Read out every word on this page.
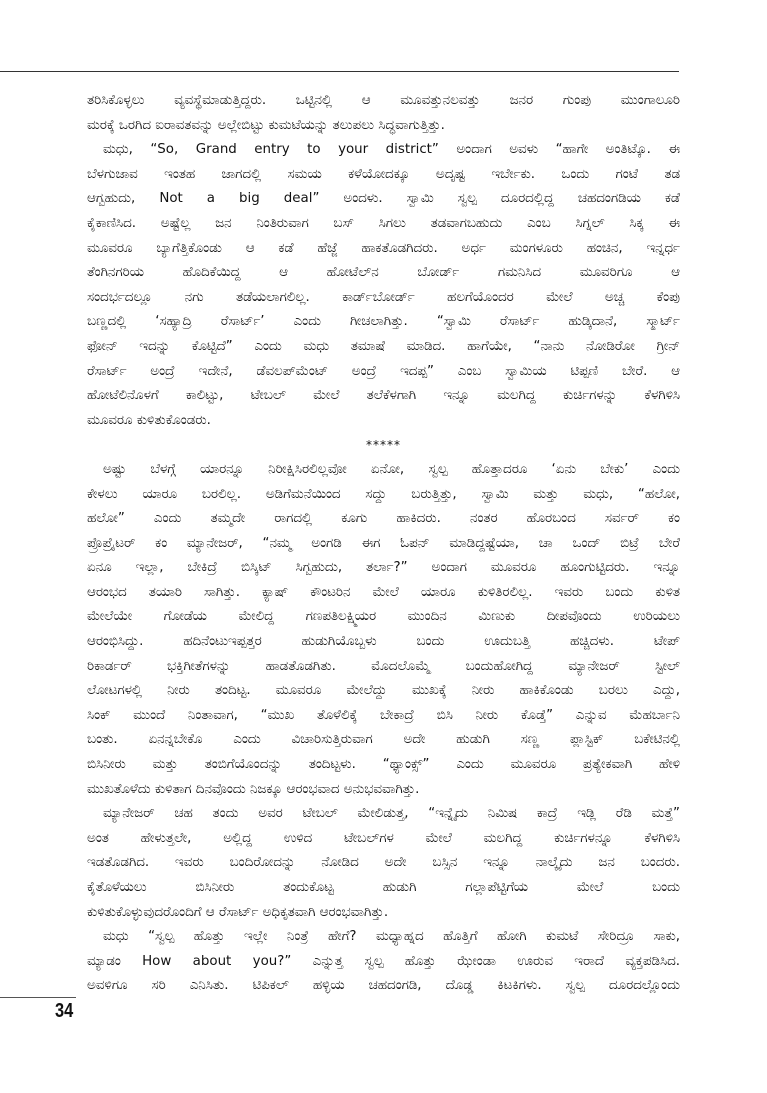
ತರಿಸಿಕೊಳ್ಳಲು ವ್ಯವಸ್ಥೆಮಾಡುತ್ತಿದ್ದರು. ಒಟ್ಟಿನಲ್ಲಿ ಆ ಮೂವತ್ತುನಲವತ್ತು ಜನರ ಗುಂಪು ಮುಂಗಾಲೂರಿ
ಮರಕ್ಕೆ ಒರಗಿದ ಐರಾವತವನ್ನು ಅಲ್ಲೇಬಿಟ್ಟು ಕುಮಟೆಯನ್ನು ತಲುಪಲು ಸಿದ್ಧವಾಗುತ್ತಿತ್ತು.
ಮಧು, “So, Grand entry to your district” ಅಂದಾಗ ಅವಳು “ಹಾಗೇ ಅಂತಿಟ್ಕೊ. ಈ
ಬೆಳಗುಜಾವ ಇಂತಹ ಜಾಗದಲ್ಲಿ ಸಮಯ ಕಳೆಯೋದಕ್ಕೂ ಅದೃಷ್ಟ ಇರ್ಬೇಕು. ಒಂದು ಗಂಟೆ ತಡ
ಆಗ್ಬಹುದು, Not a big deal” ಅಂದಳು. ಸ್ವಾಮಿ ಸ್ವಲ್ಪ ದೂರದಲ್ಲಿದ್ದ ಚಹದಂಗಡಿಯ ಕಡೆ
ಕೈಕಾಣಿಸಿದ. ಅಷ್ಟೆಲ್ಲ ಜನ ನಿಂತಿರುವಾಗ ಬಸ್ ಸಿಗಲು ತಡವಾಗಬಹುದು ಎಂಬ ಸಿಗ್ನಲ್ ಸಿಕ್ಕ ಈ
ಮೂವರೂ ಬ್ಯಾಗೆತ್ತಿಕೊಂಡು ಆ ಕಡೆ ಹೆಜ್ಜೆ ಹಾಕತೊಡಗಿದರು. ಅರ್ಧ ಮಂಗಳೂರು ಹಂಚಿನ, ಇನ್ನರ್ಧ
ತೆಂಗಿನಗರಿಯ ಹೊದಿಕೆಯಿದ್ದ ಆ ಹೋಟೆಲ್‌ನ ಬೋರ್ಡ್ ಗಮನಿಸಿದ ಮೂವರಿಗೂ ಆ
ಸಂದರ್ಭದಲ್ಲೂ ನಗು ತಡೆಯಲಾಗಲಿಲ್ಲ. ಕಾರ್ಡ್‌ಬೋರ್ಡ್ ಹಲಗೆಯೊಂದರ ಮೇಲೆ ಅಚ್ಚ ಕೆಂಪು
ಬಣ್ಣದಲ್ಲಿ ‘ಸಹ್ಯಾದ್ರಿ ರೆಸಾರ್ಟ್’ ಎಂದು ಗೀಚಲಾಗಿತ್ತು. “ಸ್ವಾಮಿ ರೆಸಾರ್ಟ್ ಹುಡ್ಕಿದಾನೆ, ಸ್ಮಾರ್ಟ್
ಫೋನ್ ಇದನ್ನು ಕೊಟ್ಟಿದೆ” ಎಂದು ಮಧು ತಮಾಷೆ ಮಾಡಿದ. ಹಾಗೆಯೇ, “ನಾನು ನೋಡಿರೋ ಗ್ರೀನ್
ರೆಸಾರ್ಟ್ ಅಂದ್ರೆ ಇದೇನೆ, ಡೆವಲಪ್‌ಮೆಂಟ್ ಅಂದ್ರೆ ಇದಪ್ಪ” ಎಂಬ ಸ್ವಾಮಿಯ ಟಿಪ್ಪಣಿ ಬೇರೆ. ಆ
ಹೋಟೆಲಿನೊಳಗೆ ಕಾಲಿಟ್ಟು, ಟೇಬಲ್ ಮೇಲೆ ತಲೆಕೆಳಗಾಗಿ ಇನ್ನೂ ಮಲಗಿದ್ದ ಕುರ್ಚಿಗಳನ್ನು ಕೆಳಗಿಳಿಸಿ
ಮೂವರೂ ಕುಳಿತುಕೊಂಡರು.
*****
ಅಷ್ಟು ಬೆಳಗ್ಗೆ ಯಾರನ್ನೂ ನಿರೀಕ್ಷಿಸಿರಲಿಲ್ಲವೋ ಏನೋ, ಸ್ವಲ್ಪ ಹೊತ್ತಾದರೂ ‘ಏನು ಬೇಕು’ ಎಂದು
ಕೇಳಲು ಯಾರೂ ಬರಲಿಲ್ಲ. ಅಡಿಗೆಮನೆಯಿಂದ ಸದ್ದು ಬರುತ್ತಿತ್ತು, ಸ್ವಾಮಿ ಮತ್ತು ಮಧು, “ಹಲೋ,
ಹಲೋ” ಎಂದು ತಮ್ಮದೇ ರಾಗದಲ್ಲಿ ಕೂಗು ಹಾಕಿದರು. ನಂತರ ಹೊರಬಂದ ಸರ್ವರ್ ಕಂ
ಪ್ರೊಪ್ರೈಟರ್ ಕಂ ಮ್ಯಾನೇಜರ್, “ನಮ್ಮ ಅಂಗಡಿ ಈಗ ಓಪನ್ ಮಾಡಿದ್ದಷ್ಟೆಯಾ, ಚಾ ಒಂದ್ ಬಿಟ್ರೆ ಬೇರೆ
ಏನೂ ಇಲ್ಲಾ, ಬೇಕಿದ್ರೆ ಬಿಸ್ಕಿಟ್ ಸಿಗ್ಬಹುದು, ತರ್ಲಾ?” ಅಂದಾಗ ಮೂವರೂ ಹೂಂಗುಟ್ಟಿದರು. ಇನ್ನೂ
ಆರಂಭದ ತಯಾರಿ ಸಾಗಿತ್ತು. ಕ್ಯಾಷ್ ಕೌಂಟರಿನ ಮೇಲೆ ಯಾರೂ ಕುಳಿತಿರಲಿಲ್ಲ. ಇವರು ಬಂದು ಕುಳಿತ
ಮೇಲೆಯೇ ಗೋಡೆಯ ಮೇಲಿದ್ದ ಗಣಪತಿಲಕ್ಷ್ಮಿಯರ ಮುಂದಿನ ಮಿಣುಕು ದೀಪವೊಂದು ಉರಿಯಲು
ಆರಂಭಿಸಿದ್ದು. ಹದಿನೆಂಟುಇಪ್ಪತ್ತರ ಹುಡುಗಿಯೊಬ್ಬಳು ಬಂದು ಊದುಬತ್ತಿ ಹಚ್ಚಿದಳು. ಟೇಪ್
ರಿಕಾರ್ಡರ್ ಭಕ್ತಿಗೀತೆಗಳನ್ನು ಹಾಡತೊಡಗಿತು. ಮೊದಲೊಮ್ಮೆ ಬಂದುಹೋಗಿದ್ದ ಮ್ಯಾನೇಜರ್ ಸ್ಟೀಲ್
ಲೋಟಗಳಲ್ಲಿ ನೀರು ತಂದಿಟ್ಟ. ಮೂವರೂ ಮೇಲೆದ್ದು ಮುಖಕ್ಕೆ ನೀರು ಹಾಕಿಕೊಂಡು ಬರಲು ಎದ್ದು,
ಸಿಂಕ್ ಮುಂದೆ ನಿಂತಾವಾಗ, “ಮುಖ ತೊಳೆಲಿಕ್ಕೆ ಬೇಕಾದ್ರೆ ಬಿಸಿ ನೀರು ಕೊಡ್ತೆ” ಎನ್ನುವ ಮೆಹರ್ಬಾನಿ
ಬಂತು. ಏನನ್ನಬೇಕೊ ಎಂದು ವಿಚಾರಿಸುತ್ತಿರುವಾಗ ಅದೇ ಹುಡುಗಿ ಸಣ್ಣ ಪ್ಲಾಸ್ಟಿಕ್ ಬಕೇಟಿನಲ್ಲಿ
ಬಿಸಿನೀರು ಮತ್ತು ತಂಬಿಗೆಯೊಂದನ್ನು ತಂದಿಟ್ಟಳು. “ಥ್ಯಾಂಕ್ಸ್” ಎಂದು ಮೂವರೂ ಪ್ರತ್ಯೇಕವಾಗಿ ಹೇಳಿ
ಮುಖತೊಳೆದು ಕುಳಿತಾಗ ದಿನವೊಂದು ನಿಜಕ್ಕೂ ಆರಂಭವಾದ ಅನುಭವವಾಗಿತ್ತು.
ಮ್ಯಾನೇಜರ್ ಚಹ ತಂದು ಅವರ ಟೇಬಲ್ ಮೇಲಿಡುತ್ತ, “ಇನ್ನೈದು ನಿಮಿಷ ಕಾದ್ರೆ ಇಡ್ಲಿ ರೆಡಿ ಮತ್ತೆ”
ಅಂತ ಹೇಳುತ್ತಲೇ, ಅಲ್ಲಿದ್ದ ಉಳಿದ ಟೇಬಲ್‌ಗಳ ಮೇಲೆ ಮಲಗಿದ್ದ ಕುರ್ಚಿಗಳನ್ನೂ ಕೆಳಗಿಳಿಸಿ
ಇಡತೊಡಗಿದ. ಇವರು ಬಂದಿರೋದನ್ನು ನೋಡಿದ ಅದೇ ಬಸ್ಸಿನ ಇನ್ನೂ ನಾಲ್ಕೈದು ಜನ ಬಂದರು.
ಕೈತೊಳೆಯಲು ಬಿಸಿನೀರು ತಂದುಕೊಟ್ಟ ಹುಡುಗಿ ಗಲ್ಲಾಪೆಟ್ಟಿಗೆಯ ಮೇಲೆ ಬಂದು
ಕುಳಿತುಕೊಳ್ಳುವುದರೊಂದಿಗೆ ಆ ರೆಸಾರ್ಟ್ ಅಧಿಕೃತವಾಗಿ ಆರಂಭವಾಗಿತ್ತು.
ಮಧು “ಸ್ವಲ್ಪ ಹೊತ್ತು ಇಲ್ಲೇ ನಿಂತ್ರೆ ಹೇಗೆ? ಮಧ್ಯಾಹ್ನದ ಹೊತ್ತಿಗೆ ಹೋಗಿ ಕುಮಟೆ ಸೇರಿದ್ರೂ ಸಾಕು,
ಮ್ಯಾಡಂ How about you?” ಎನ್ನುತ್ತ ಸ್ವಲ್ಪ ಹೊತ್ತು ಝೇಂಡಾ ಊರುವ ಇರಾದೆ ವ್ಯಕ್ತಪಡಿಸಿದ.
ಅವಳಿಗೂ ಸರಿ ಎನಿಸಿತು. ಟಿಪಿಕಲ್ ಹಳ್ಳಿಯ ಚಹದಂಗಡಿ, ದೊಡ್ಡ ಕಿಟಕಿಗಳು. ಸ್ವಲ್ಪ ದೂರದಲ್ಲೊಂದು
34
